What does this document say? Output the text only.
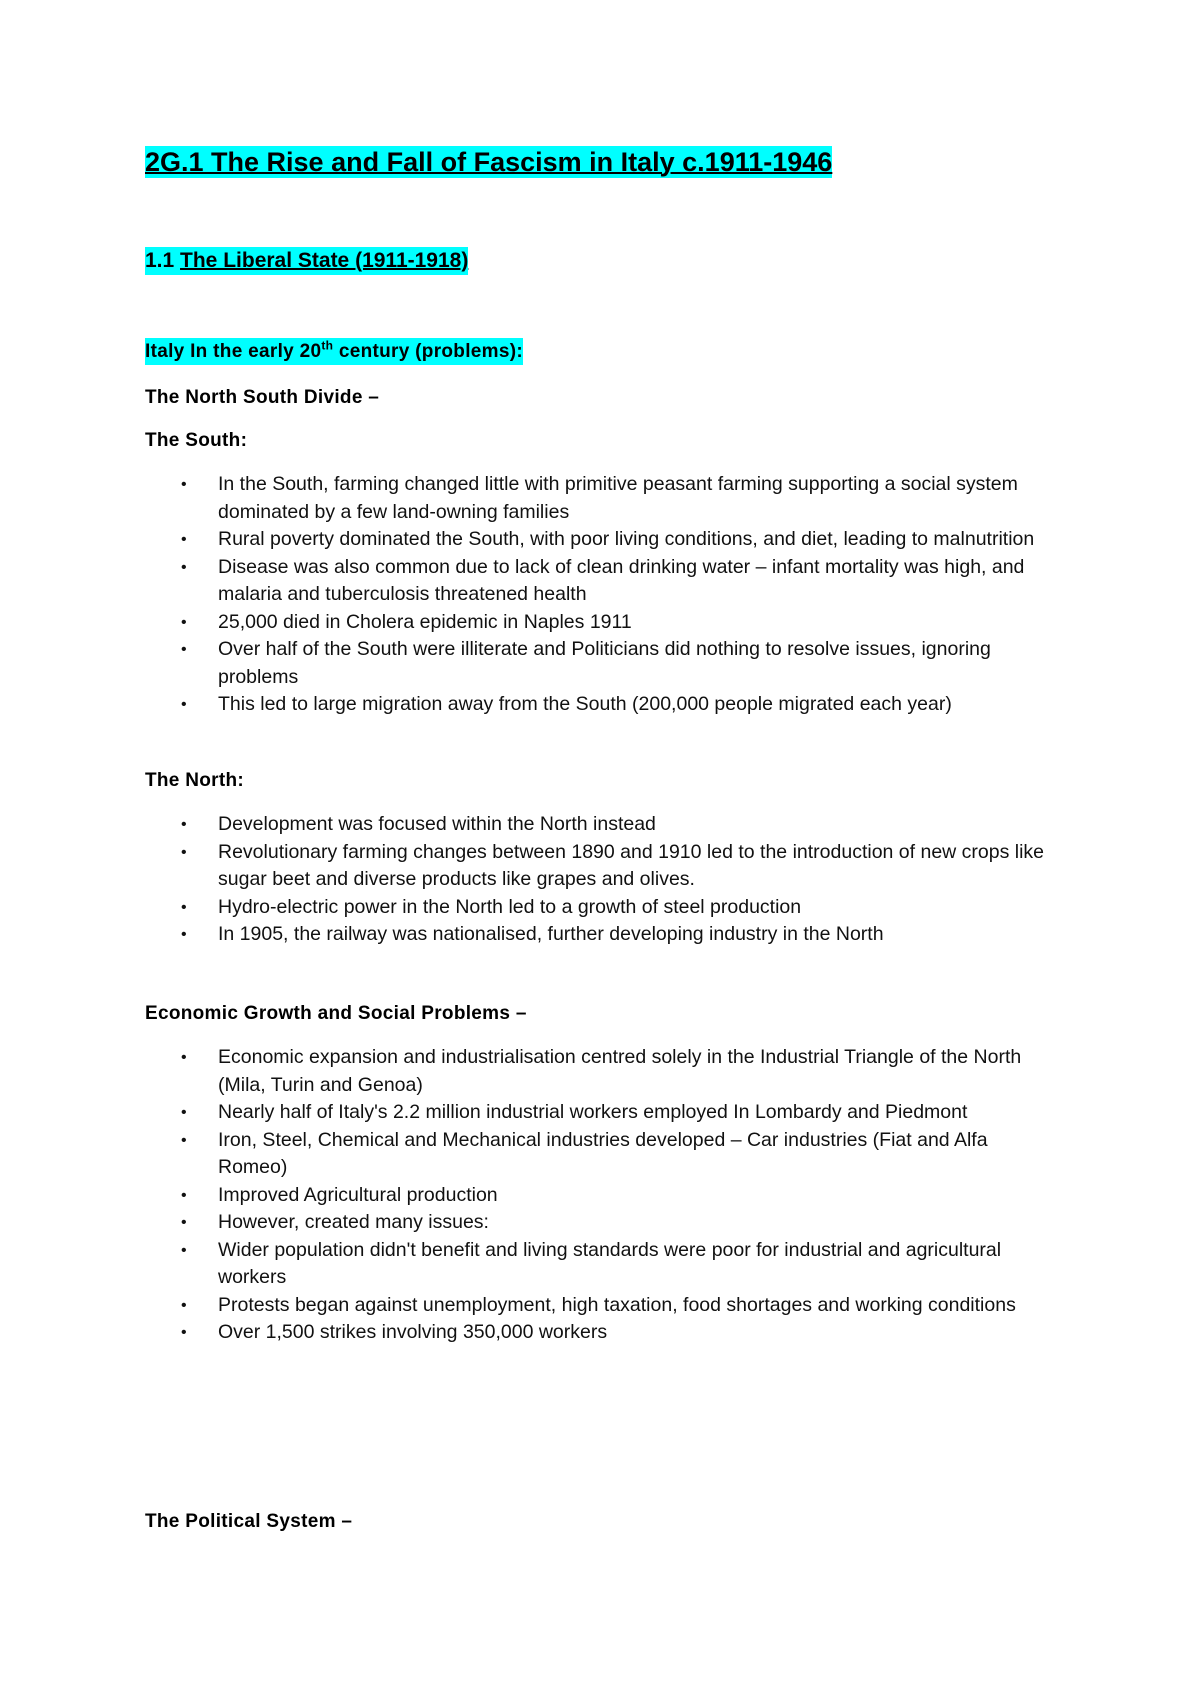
2G.1 The Rise and Fall of Fascism in Italy c.1911-1946
1.1 The Liberal State (1911-1918)
Italy In the early 20th century (problems):
The North South Divide –
The South:
• In the South, farming changed little with primitive peasant farming supporting a social system dominated by a few land-owning families
• Rural poverty dominated the South, with poor living conditions, and diet, leading to malnutrition
• Disease was also common due to lack of clean drinking water – infant mortality was high, and malaria and tuberculosis threatened health
• 25,000 died in Cholera epidemic in Naples 1911
• Over half of the South were illiterate and Politicians did nothing to resolve issues, ignoring problems
• This led to large migration away from the South (200,000 people migrated each year)
The North:
• Development was focused within the North instead
• Revolutionary farming changes between 1890 and 1910 led to the introduction of new crops like sugar beet and diverse products like grapes and olives.
• Hydro-electric power in the North led to a growth of steel production
• In 1905, the railway was nationalised, further developing industry in the North
Economic Growth and Social Problems –
• Economic expansion and industrialisation centred solely in the Industrial Triangle of the North (Mila, Turin and Genoa)
• Nearly half of Italy's 2.2 million industrial workers employed In Lombardy and Piedmont
• Iron, Steel, Chemical and Mechanical industries developed – Car industries (Fiat and Alfa Romeo)
• Improved Agricultural production
• However, created many issues:
• Wider population didn't benefit and living standards were poor for industrial and agricultural workers
• Protests began against unemployment, high taxation, food shortages and working conditions
• Over 1,500 strikes involving 350,000 workers
The Political System –
